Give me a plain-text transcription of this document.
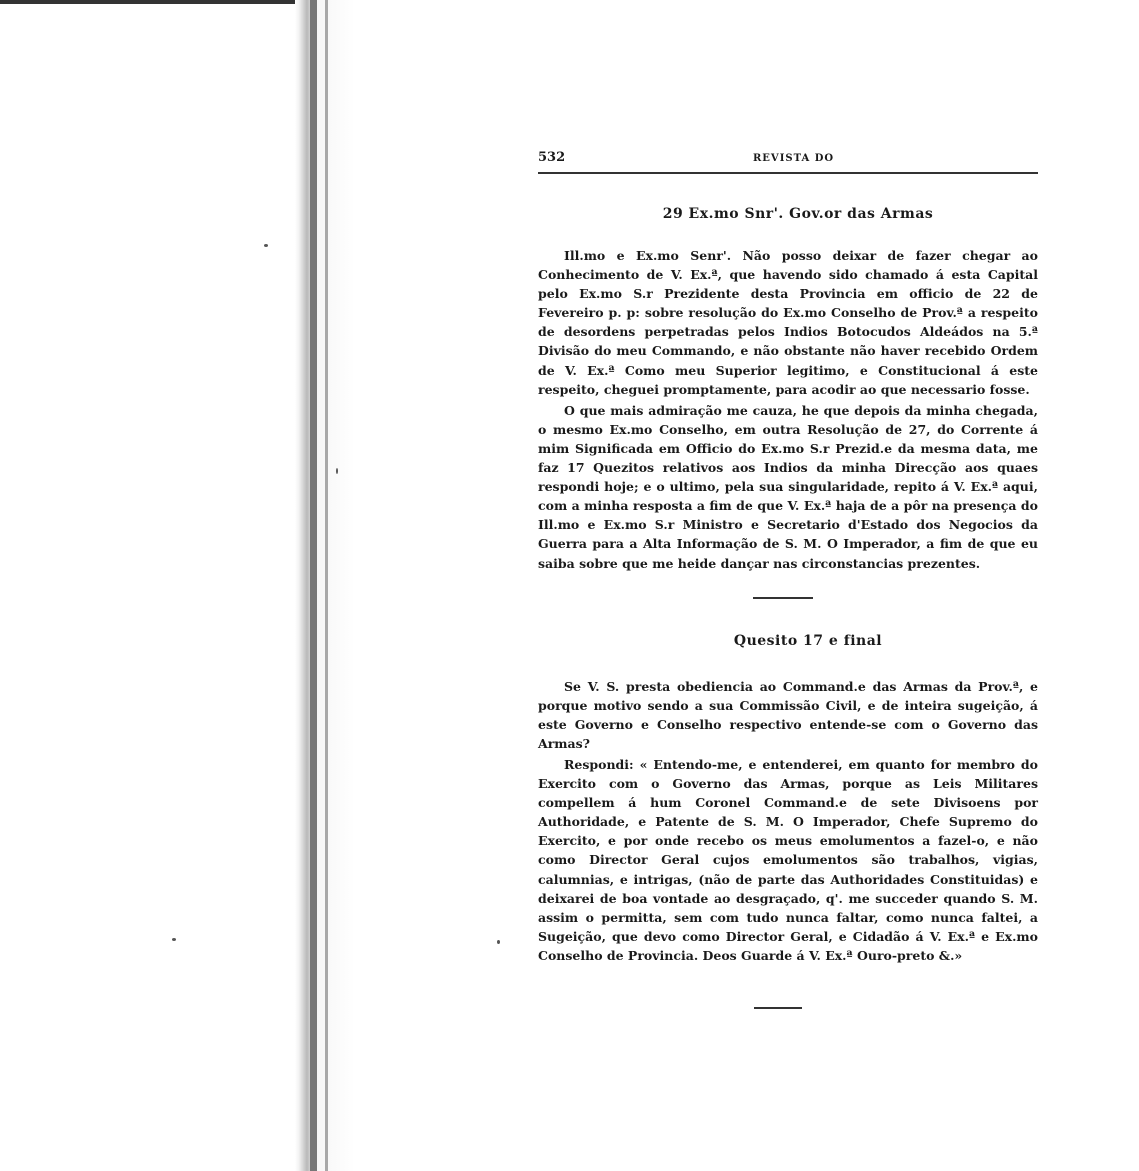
532	REVISTA DO
29 Ex.mo Snr'. Gov.or das Armas

Ill.mo e Ex.mo Senr'. Não posso deixar de fazer chegar ao Conhecimento de V. Ex.ª, que havendo sido chamado á esta Capital pelo Ex.mo S.r Prezidente desta Provincia em officio de 22 de Fevereiro p. p: sobre resolução do Ex.mo Conselho de Prov.ª a respeito de desordens perpetradas pelos Indios Botocudos Aldeádos na 5.ª Divisão do meu Commando, e não obstante não haver recebido Ordem de V. Ex.ª Como meu Superior legitimo, e Constitucional á este respeito, cheguei promptamente, para acodir ao que necessario fosse.

O que mais admiração me cauza, he que depois da minha chegada, o mesmo Ex.mo Conselho, em outra Resolução de 27, do Corrente á mim Significada em Officio do Ex.mo S.r Prezid.e da mesma data, me faz 17 Quezitos relativos aos Indios da minha Direcção aos quaes respondi hoje; e o ultimo, pela sua singularidade, repito á V. Ex.ª aqui, com a minha resposta a fim de que V. Ex.ª haja de a pôr na presença do Ill.mo e Ex.mo S.r Ministro e Secretario d'Estado dos Negocios da Guerra para a Alta Informação de S. M. O Imperador, a fim de que eu saiba sobre que me heide dançar nas circonstancias prezentes.

Quesito 17 e final

Se V. S. presta obediencia ao Command.e das Armas da Prov.ª, e porque motivo sendo a sua Commissão Civil, e de inteira sugeição, á este Governo e Conselho respectivo entende-se com o Governo das Armas?

Respondi: « Entendo-me, e entenderei, em quanto for membro do Exercito com o Governo das Armas, porque as Leis Militares compellem á hum Coronel Command.e de sete Divisoens por Authoridade, e Patente de S. M. O Imperador, Chefe Supremo do Exercito, e por onde recebo os meus emolumentos a fazel-o, e não como Director Geral cujos emolumentos são trabalhos, vigias, calumnias, e intrigas, (não de parte das Authoridades Constituidas) e deixarei de boa vontade ao desgraçado, q'. me succeder quando S. M. assim o permitta, sem com tudo nunca faltar, como nunca faltei, a Sugeição, que devo como Director Geral, e Cidadão á V. Ex.ª e Ex.mo Conselho de Provincia. Deos Guarde á V. Ex.ª Ouro-preto &.»
